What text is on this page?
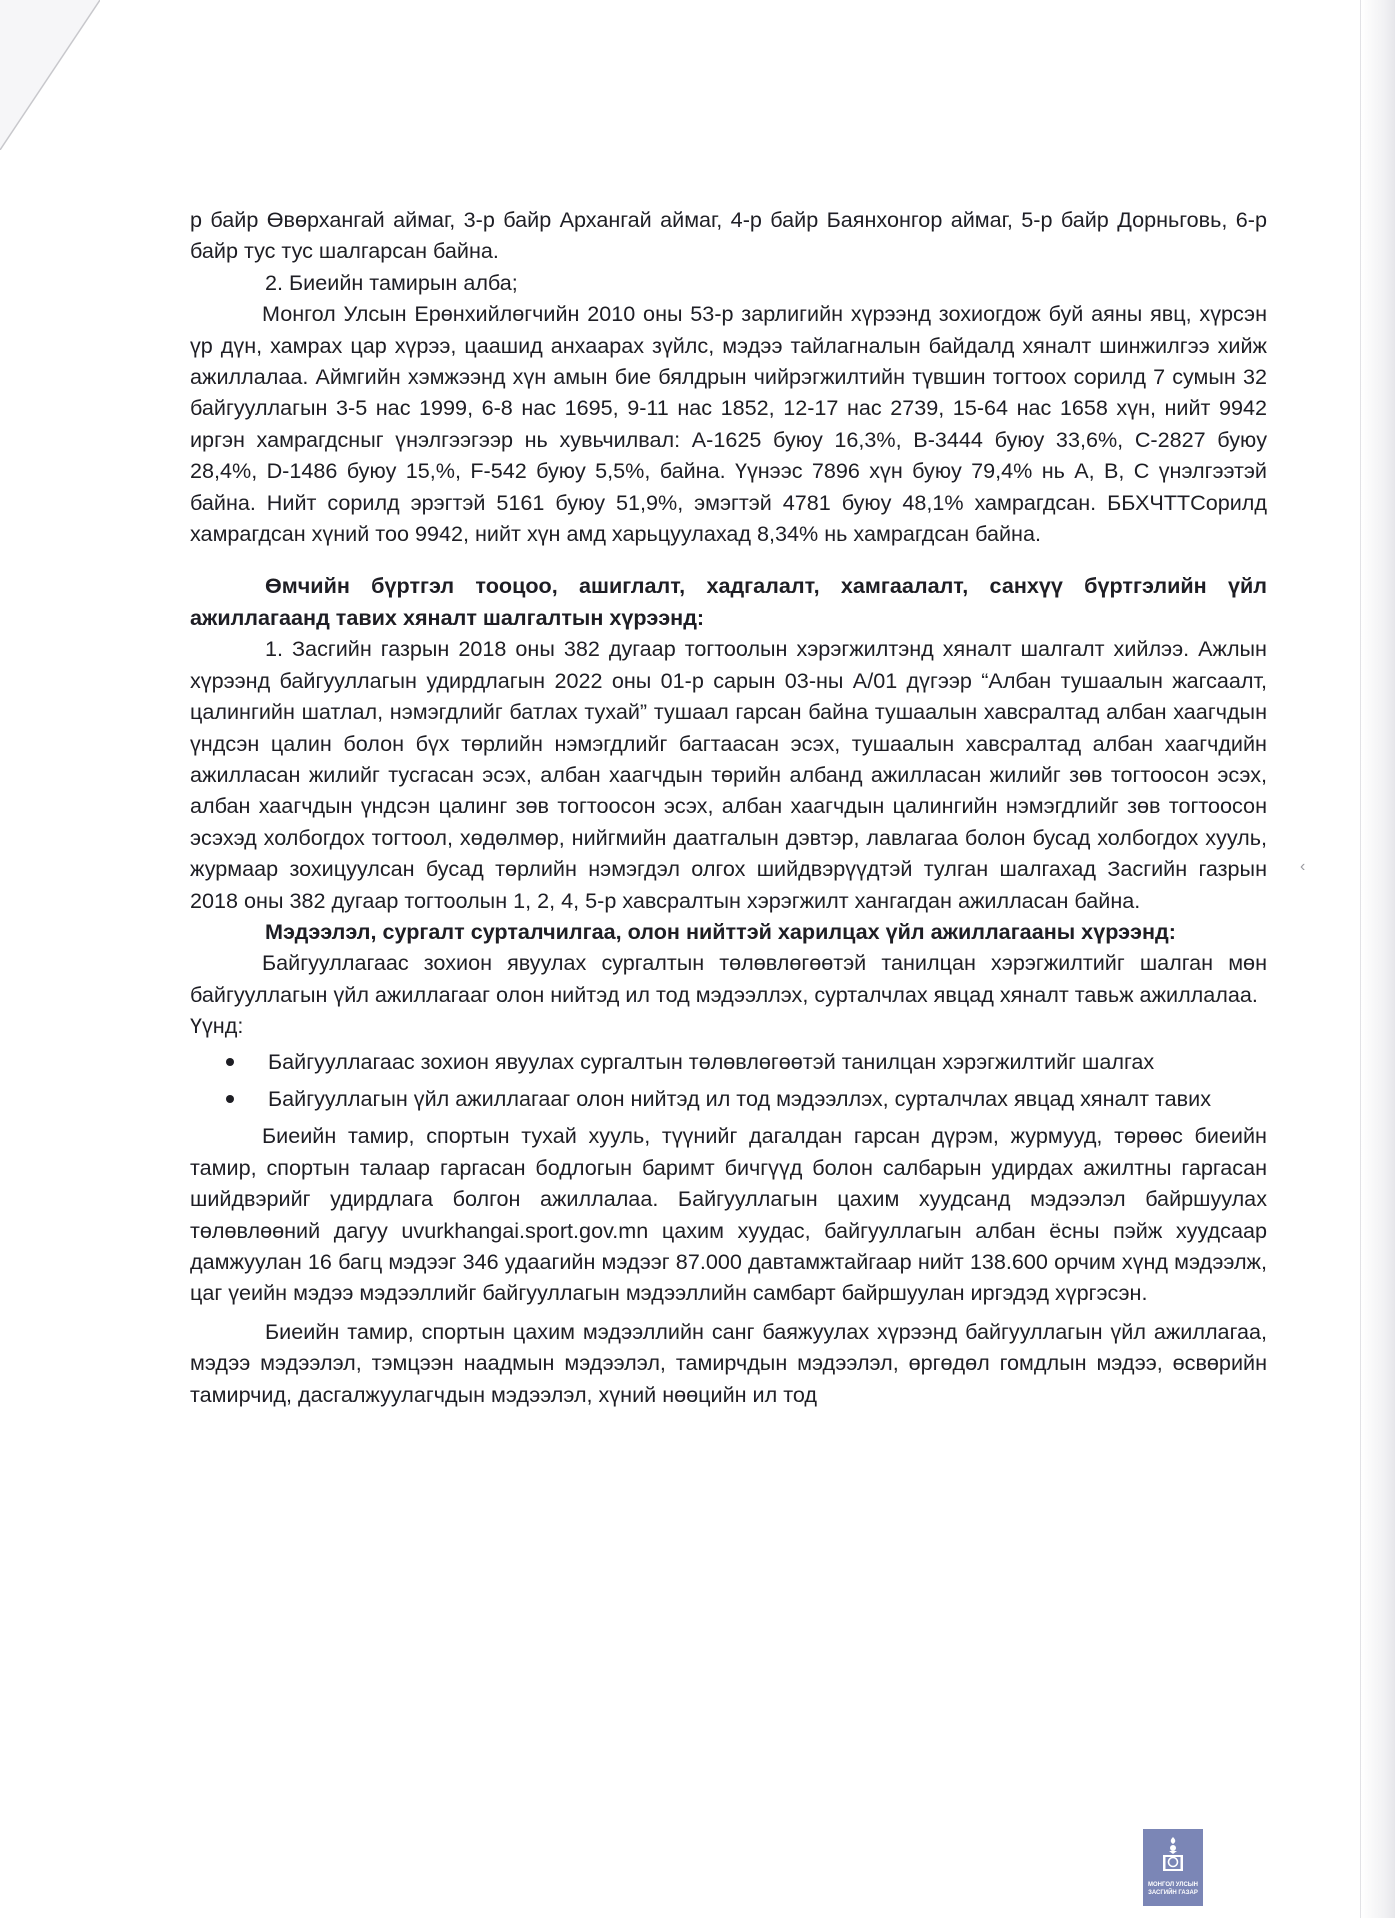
р байр Өвөрхангай аймаг, 3-р байр Архангай аймаг, 4-р байр Баянхонгор аймаг, 5-р байр Дорньговь, 6-р байр тус тус шалгарсан байна.

2. Биеийн тамирын алба;

Монгол Улсын Ерөнхийлөгчийн 2010 оны 53-р зарлигийн хүрээнд зохиогдож буй аяны явц, хүрсэн үр дүн, хамрах цар хүрээ, цаашид анхаарах зүйлс, мэдээ тайлагналын байдалд хяналт шинжилгээ хийж ажиллалаа. Аймгийн хэмжээнд хүн амын бие бялдрын чийрэгжилтийн түвшин тогтоох сорилд 7 сумын 32 байгууллагын 3-5 нас 1999, 6-8 нас 1695, 9-11 нас 1852, 12-17 нас 2739, 15-64 нас 1658 хүн, нийт 9942 иргэн хамрагдсныг үнэлгээгээр нь хувьчилвал: A-1625 буюу 16,3%, B-3444 буюу 33,6%, C-2827 буюу 28,4%, D-1486 буюу 15,%, F-542 буюу 5,5%, байна. Үүнээс 7896 хүн буюу 79,4% нь A, B, C үнэлгээтэй байна. Нийт сорилд эрэгтэй 5161 буюу 51,9%, эмэгтэй 4781 буюу 48,1% хамрагдсан. ББХЧТТСорилд хамрагдсан хүний тоо 9942, нийт хүн амд харьцуулахад 8,34% нь хамрагдсан байна.

Өмчийн бүртгэл тооцоо, ашиглалт, хадгалалт, хамгаалалт, санхүү бүртгэлийн үйл ажиллагаанд тавих хяналт шалгалтын хүрээнд:

1. Засгийн газрын 2018 оны 382 дугаар тогтоолын хэрэгжилтэнд хяналт шалгалт хийлээ. Ажлын хүрээнд байгууллагын удирдлагын 2022 оны 01-р сарын 03-ны А/01 дүгээр “Албан тушаалын жагсаалт, цалингийн шатлал, нэмэгдлийг батлах тухай” тушаал гарсан байна тушаалын хавсралтад албан хаагчдын үндсэн цалин болон бүх төрлийн нэмэгдлийг багтаасан эсэх, тушаалын хавсралтад албан хаагчдийн ажилласан жилийг тусгасан эсэх, албан хаагчдын төрийн албанд ажилласан жилийг зөв тогтоосон эсэх, албан хаагчдын үндсэн цалинг зөв тогтоосон эсэх, албан хаагчдын цалингийн нэмэгдлийг зөв тогтоосон эсэхэд холбогдох тогтоол, хөдөлмөр, нийгмийн даатгалын дэвтэр, лавлагаа болон бусад холбогдох хууль, журмаар зохицуулсан бусад төрлийн нэмэгдэл олгох шийдвэрүүдтэй тулган шалгахад Засгийн газрын 2018 оны 382 дугаар тогтоолын 1, 2, 4, 5-р хавсралтын хэрэгжилт хангагдан ажилласан байна.

Мэдээлэл, сургалт сурталчилгаа, олон нийттэй харилцах үйл ажиллагааны хүрээнд:

Байгууллагаас зохион явуулах сургалтын төлөвлөгөөтэй танилцан хэрэгжилтийг шалган мөн байгууллагын үйл ажиллагааг олон нийтэд ил тод мэдээллэх, сурталчлах явцад хяналт тавьж ажиллалаа.

Үүнд:

Байгууллагаас зохион явуулах сургалтын төлөвлөгөөтэй танилцан хэрэгжилтийг шалгах
Байгууллагын үйл ажиллагааг олон нийтэд ил тод мэдээллэх, сурталчлах явцад хяналт тавих

Биеийн тамир, спортын тухай хууль, түүнийг дагалдан гарсан дүрэм, журмууд, төрөөс биеийн тамир, спортын талаар гаргасан бодлогын баримт бичгүүд болон салбарын удирдах ажилтны гаргасан шийдвэрийг удирдлага болгон ажиллалаа. Байгууллагын цахим хуудсанд мэдээлэл байршуулах төлөвлөөний дагуу uvurkhangai.sport.gov.mn цахим хуудас, байгууллагын албан ёсны пэйж хуудсаар дамжуулан 16 багц мэдээг 346 удаагийн мэдээг 87.000 давтамжтайгаар нийт 138.600 орчим хүнд мэдээлж, цаг үеийн мэдээ мэдээллийг байгууллагын мэдээллийн самбарт байршуулан иргэдэд хүргэсэн.

Биеийн тамир, спортын цахим мэдээллийн санг баяжуулах хүрээнд байгууллагын үйл ажиллагаа, мэдээ мэдээлэл, тэмцээн наадмын мэдээлэл, тамирчдын мэдээлэл, өргөдөл гомдлын мэдээ, өсвөрийн тамирчид, дасгалжуулагчдын мэдээлэл, хүний нөөцийн ил тод

‹
МОНГОЛ УЛСЫН
ЗАСГИЙН ГАЗАР
